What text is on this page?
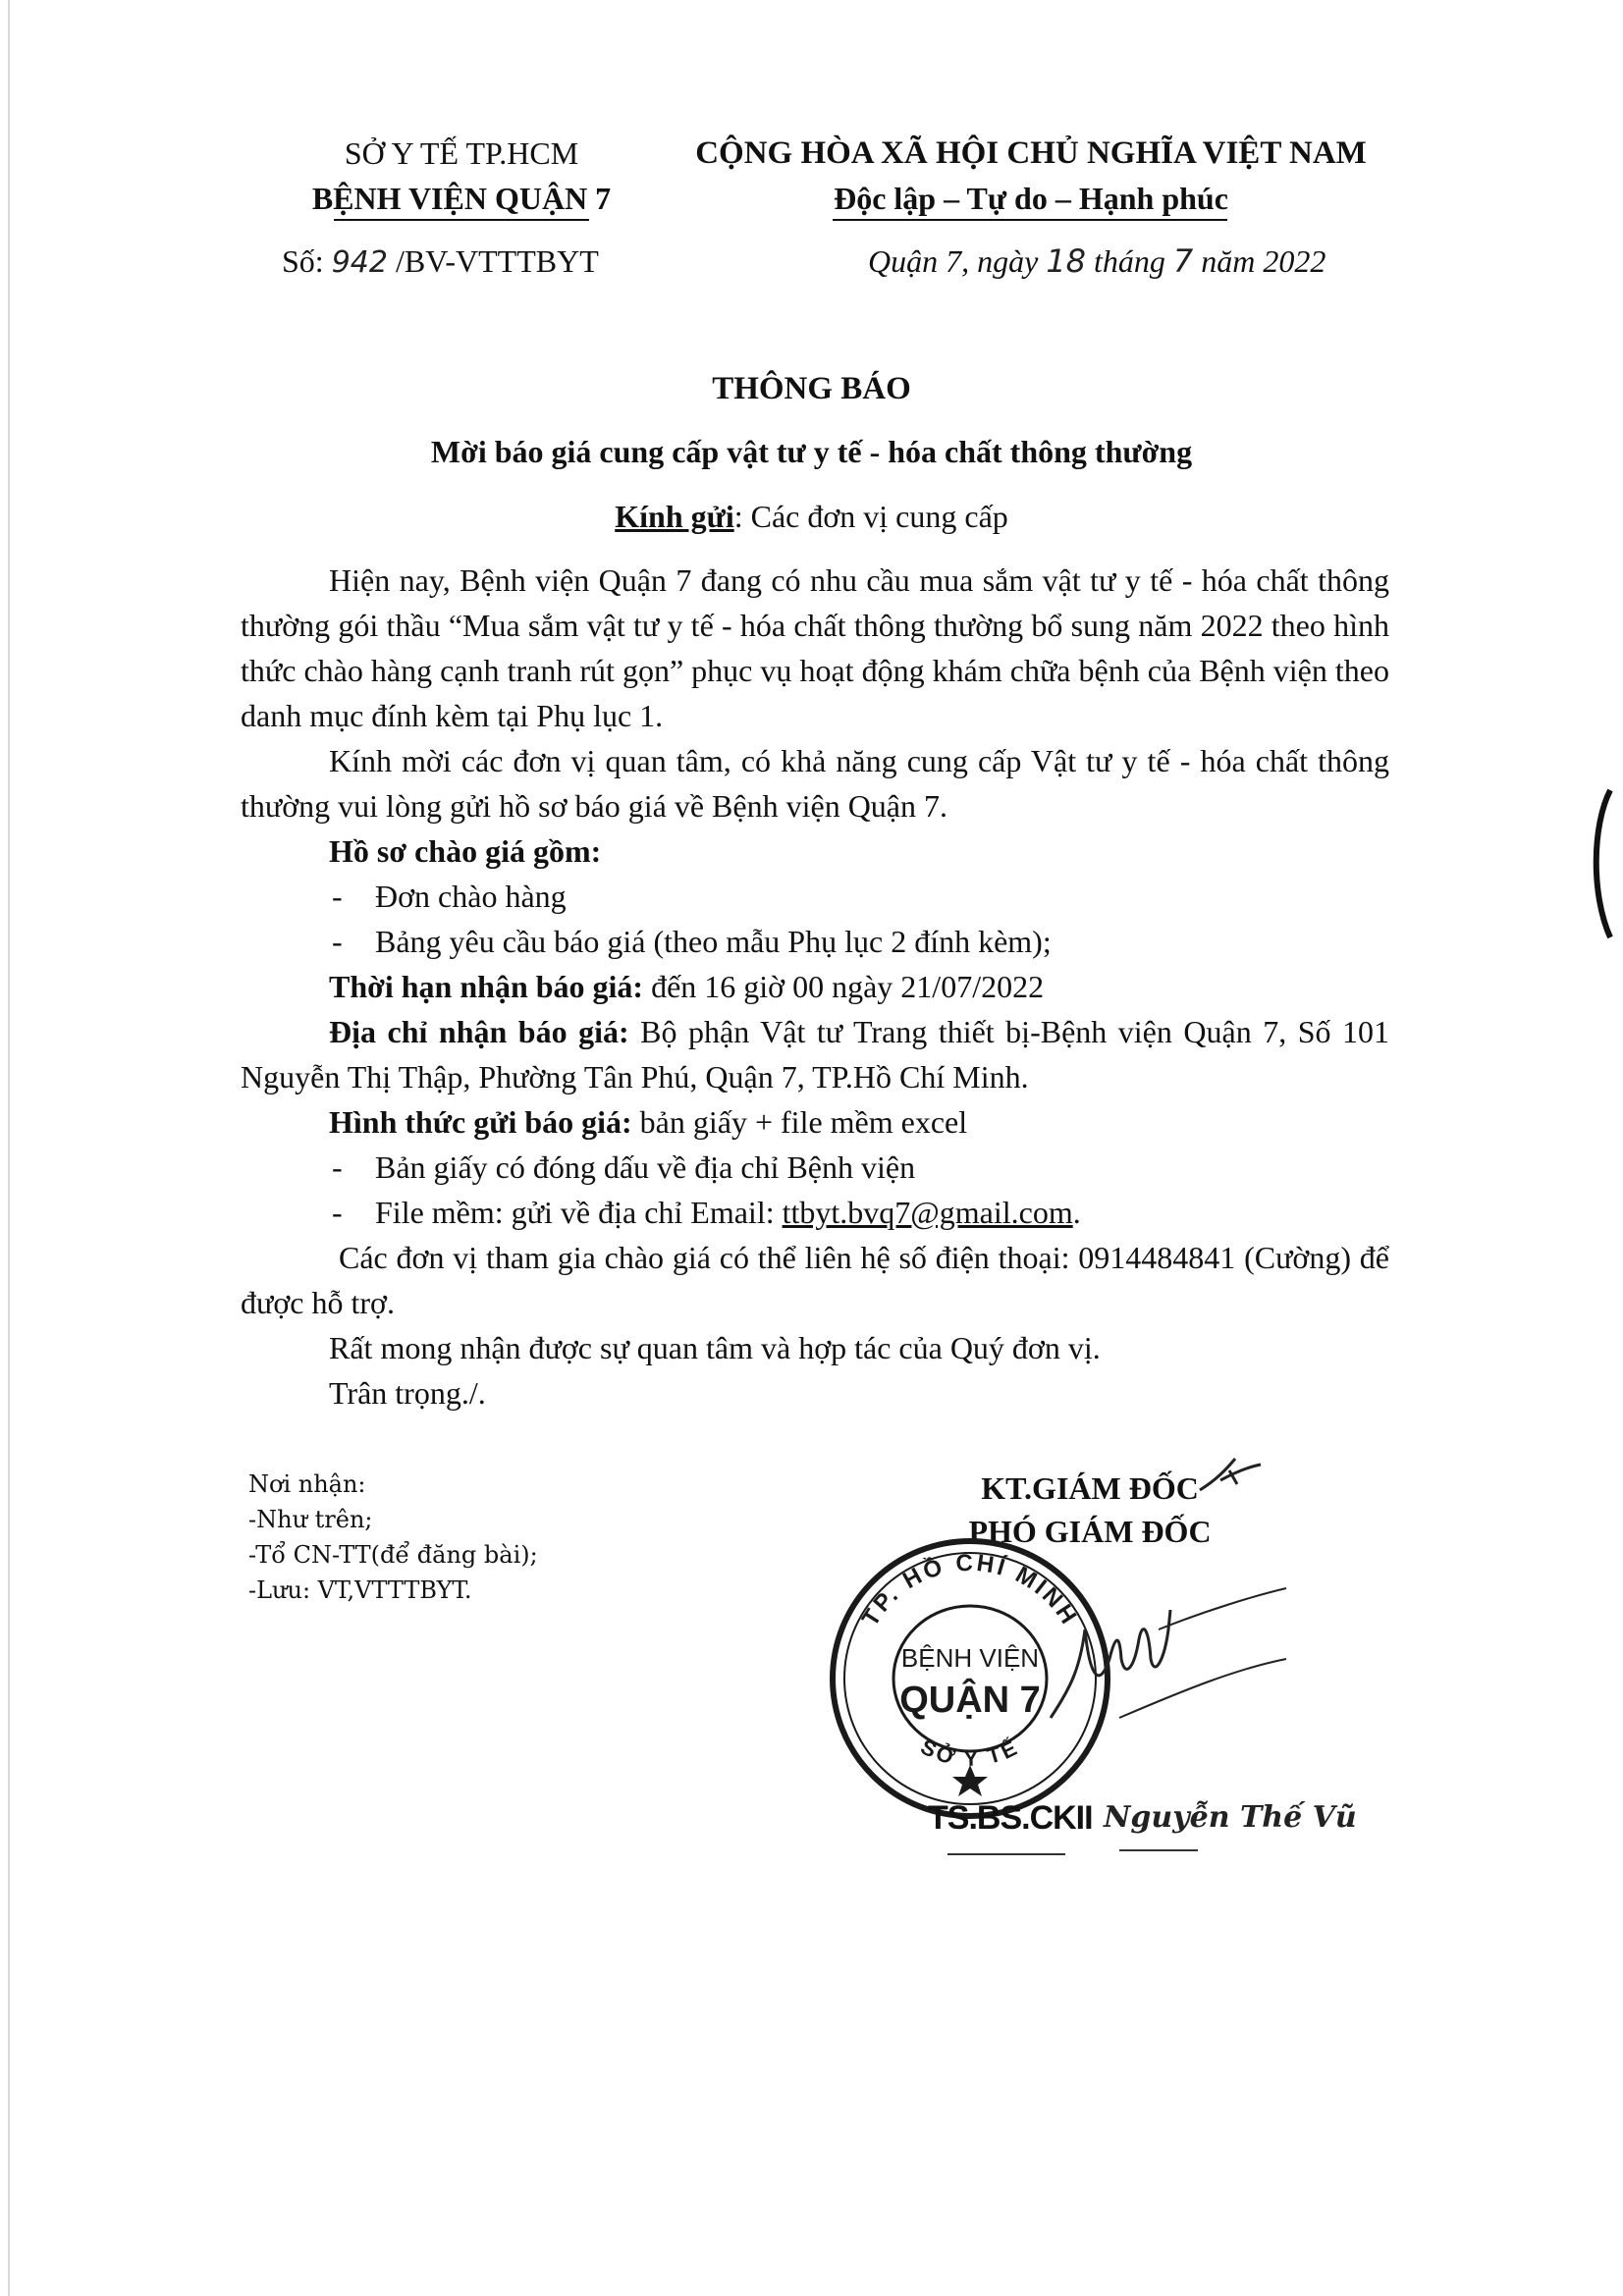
SỞ Y TẾ TP.HCM
BỆNH VIỆN QUẬN 7
Số: 942 /BV-VTTTBYT
CỘNG HÒA XÃ HỘI CHỦ NGHĨA VIỆT NAM
Độc lập – Tự do – Hạnh phúc
Quận 7, ngày 18 tháng 7 năm 2022
THÔNG BÁO
Mời báo giá cung cấp vật tư y tế - hóa chất thông thường
Kính gửi: Các đơn vị cung cấp
Hiện nay, Bệnh viện Quận 7 đang có nhu cầu mua sắm vật tư y tế - hóa chất thông thường gói thầu “Mua sắm vật tư y tế - hóa chất thông thường bổ sung năm 2022 theo hình thức chào hàng cạnh tranh rút gọn” phục vụ hoạt động khám chữa bệnh của Bệnh viện theo danh mục đính kèm tại Phụ lục 1.
Kính mời các đơn vị quan tâm, có khả năng cung cấp Vật tư y tế - hóa chất thông thường vui lòng gửi hồ sơ báo giá về Bệnh viện Quận 7.
Hồ sơ chào giá gồm:
- Đơn chào hàng
- Bảng yêu cầu báo giá (theo mẫu Phụ lục 2 đính kèm);
Thời hạn nhận báo giá: đến 16 giờ 00 ngày 21/07/2022
Địa chỉ nhận báo giá: Bộ phận Vật tư Trang thiết bị-Bệnh viện Quận 7, Số 101 Nguyễn Thị Thập, Phường Tân Phú, Quận 7, TP.Hồ Chí Minh.
Hình thức gửi báo giá: bản giấy + file mềm excel
- Bản giấy có đóng dấu về địa chỉ Bệnh viện
- File mềm: gửi về địa chỉ Email: ttbyt.bvq7@gmail.com.
Các đơn vị tham gia chào giá có thể liên hệ số điện thoại: 0914484841 (Cường) để được hỗ trợ.
Rất mong nhận được sự quan tâm và hợp tác của Quý đơn vị.
Trân trọng./.
Nơi nhận:
-Như trên;
-Tổ CN-TT(để đăng bài);
-Lưu: VT,VTTTBYT.
KT.GIÁM ĐỐC
PHÓ GIÁM ĐỐC
TP. HỒ CHÍ MINH
SỞ Y TẾ
BỆNH VIỆN
QUẬN 7
TS.BS.CKII Nguyễn Thế Vũ
